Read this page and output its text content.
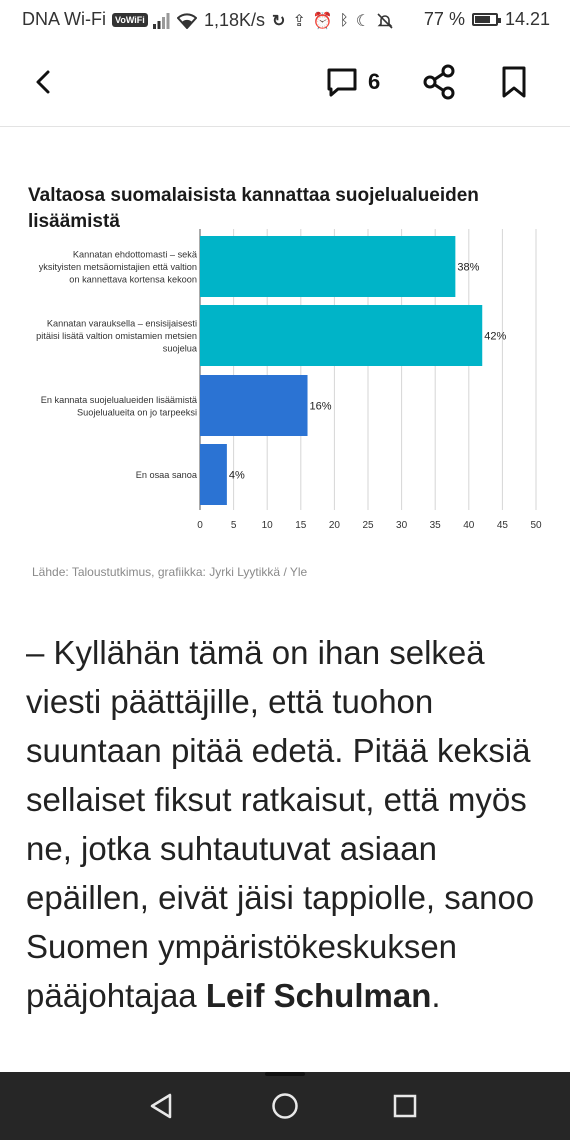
DNA Wi-Fi	VoWiFi	1,18K/s ↻ ⇪ ⏰ ᛒ ☾	77 % 14.21
6
Valtaosa suomalaisista kannattaa suojelualueiden lisäämistä
0	5	10 15 20 25 30 35 40 45 50
38%
Kannatan ehdottomasti – sekä
yksityisten metsäomistajien että valtion
on kannettava kortensa kekoon
42%
Kannatan varauksella – ensisijaisesti
pitäisi lisätä valtion omistamien metsien
suojelua
16%
En kannata suojelualueiden lisäämistä
Suojelualueita on jo tarpeeksi
4%
En osaa sanoa
Lähde: Taloustutkimus, grafiikka: Jyrki Lyytikkä / Yle
– Kyllähän tämä on ihan selkeä viesti päättäjille, että tuohon suuntaan pitää edetä. Pitää keksiä sellaiset fiksut ratkaisut, että myös ne, jotka suhtautuvat asiaan epäillen, eivät jäisi tappiolle, sanoo Suomen ympäristökeskuksen pääjohtajaa Leif Schulman.
